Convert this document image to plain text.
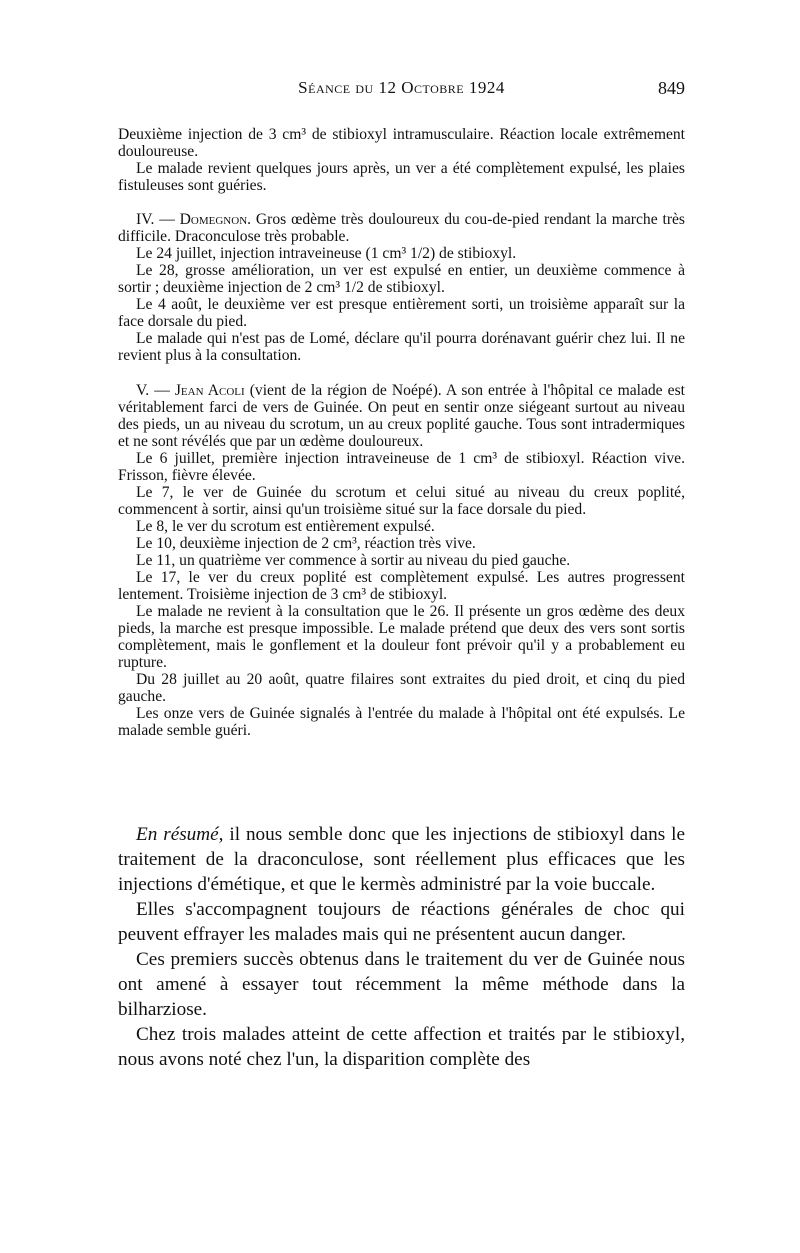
Séance du 12 Octobre 1924	849

Deuxième injection de 3 cm³ de stibioxyl intramusculaire. Réaction locale extrêmement douloureuse.

Le malade revient quelques jours après, un ver a été complètement expulsé, les plaies fistuleuses sont guéries.

IV. — Domegnon. Gros œdème très douloureux du cou-de-pied rendant la marche très difficile. Draconculose très probable.

Le 24 juillet, injection intraveineuse (1 cm³ 1/2) de stibioxyl.

Le 28, grosse amélioration, un ver est expulsé en entier, un deuxième commence à sortir ; deuxième injection de 2 cm³ 1/2 de stibioxyl.

Le 4 août, le deuxième ver est presque entièrement sorti, un troisième apparaît sur la face dorsale du pied.

Le malade qui n'est pas de Lomé, déclare qu'il pourra dorénavant guérir chez lui. Il ne revient plus à la consultation.

V. — Jean Acoli (vient de la région de Noépé). A son entrée à l'hôpital ce malade est véritablement farci de vers de Guinée. On peut en sentir onze siégeant surtout au niveau des pieds, un au niveau du scrotum, un au creux poplité gauche. Tous sont intradermiques et ne sont révélés que par un œdème douloureux.

Le 6 juillet, première injection intraveineuse de 1 cm³ de stibioxyl. Réaction vive. Frisson, fièvre élevée.

Le 7, le ver de Guinée du scrotum et celui situé au niveau du creux poplité, commencent à sortir, ainsi qu'un troisième situé sur la face dorsale du pied.

Le 8, le ver du scrotum est entièrement expulsé.

Le 10, deuxième injection de 2 cm³, réaction très vive.

Le 11, un quatrième ver commence à sortir au niveau du pied gauche.

Le 17, le ver du creux poplité est complètement expulsé. Les autres progressent lentement. Troisième injection de 3 cm³ de stibioxyl.

Le malade ne revient à la consultation que le 26. Il présente un gros œdème des deux pieds, la marche est presque impossible. Le malade prétend que deux des vers sont sortis complètement, mais le gonflement et la douleur font prévoir qu'il y a probablement eu rupture.

Du 28 juillet au 20 août, quatre filaires sont extraites du pied droit, et cinq du pied gauche.

Les onze vers de Guinée signalés à l'entrée du malade à l'hôpital ont été expulsés. Le malade semble guéri.

En résumé, il nous semble donc que les injections de stibioxyl dans le traitement de la draconculose, sont réellement plus efficaces que les injections d'émétique, et que le kermès administré par la voie buccale.

Elles s'accompagnent toujours de réactions générales de choc qui peuvent effrayer les malades mais qui ne présentent aucun danger.

Ces premiers succès obtenus dans le traitement du ver de Guinée nous ont amené à essayer tout récemment la même méthode dans la bilharziose.

Chez trois malades atteint de cette affection et traités par le stibioxyl, nous avons noté chez l'un, la disparition complète des
